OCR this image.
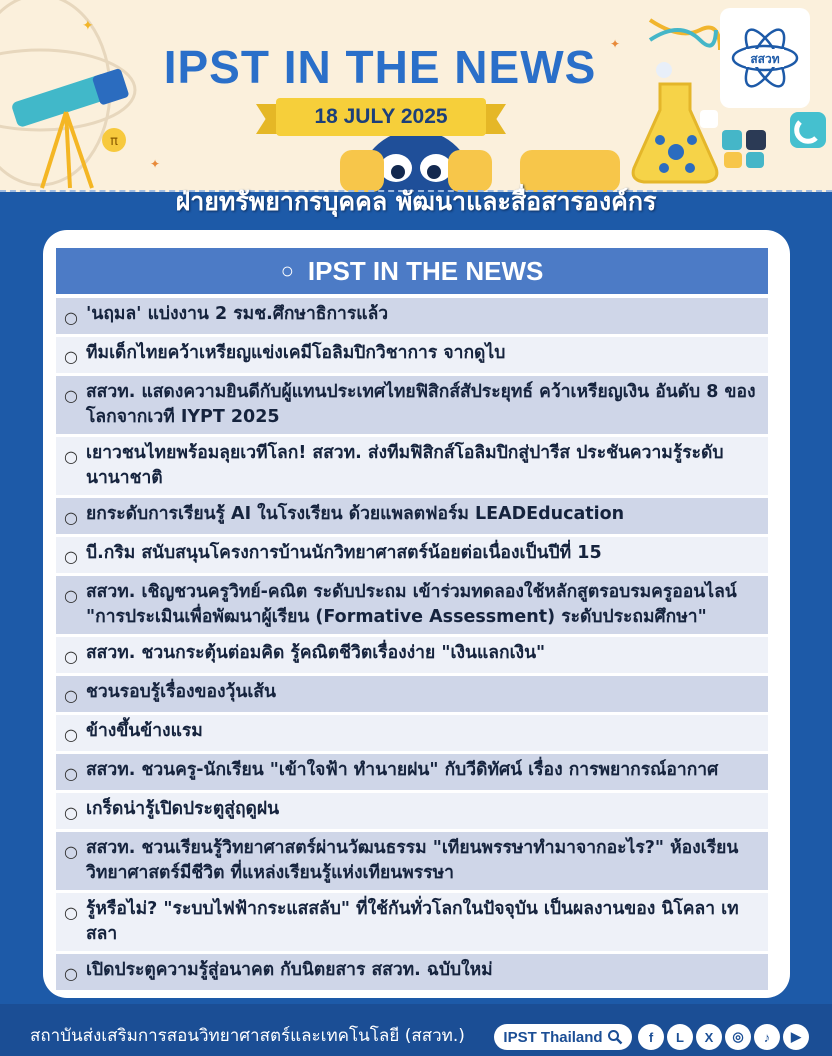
π
✦
✦
✦
IPST IN THE NEWS
18 JULY 2025
สสวท
ฝ่ายทรัพยากรบุคคล พัฒนาและสื่อสารองค์กร
○ IPST IN THE NEWS
○ 'นฤมล' แบ่งงาน 2 รมช.ศึกษาธิการแล้ว
○ ทีมเด็กไทยคว้าเหรียญแข่งเคมีโอลิมปิกวิชาการ จากดูไบ
○ สสวท. แสดงความยินดีกับผู้แทนประเทศไทยฟิสิกส์สัประยุทธ์ คว้าเหรียญเงิน อันดับ 8 ของโลกจากเวที IYPT 2025
○ เยาวชนไทยพร้อมลุยเวทีโลก! สสวท. ส่งทีมฟิสิกส์โอลิมปิกสู่ปารีส ประชันความรู้ระดับนานาชาติ
○ ยกระดับการเรียนรู้ AI ในโรงเรียน ด้วยแพลตฟอร์ม LEADEducation
○ บี.กริม สนับสนุนโครงการบ้านนักวิทยาศาสตร์น้อยต่อเนื่องเป็นปีที่ 15
○ สสวท. เชิญชวนครูวิทย์-คณิต ระดับประถม เข้าร่วมทดลองใช้หลักสูตรอบรมครูออนไลน์ "การประเมินเพื่อพัฒนาผู้เรียน (Formative Assessment) ระดับประถมศึกษา"
○ สสวท. ชวนกระตุ้นต่อมคิด รู้คณิตชีวิตเรื่องง่าย "เงินแลกเงิน"
○ ชวนรอบรู้เรื่องของวุ้นเส้น
○ ข้างขึ้นข้างแรม
○ สสวท. ชวนครู-นักเรียน "เข้าใจฟ้า ทำนายฝน" กับวีดิทัศน์ เรื่อง การพยากรณ์อากาศ
○ เกร็ดน่ารู้เปิดประตูสู่ฤดูฝน
○ สสวท. ชวนเรียนรู้วิทยาศาสตร์ผ่านวัฒนธรรม "เทียนพรรษาทำมาจากอะไร?" ห้องเรียนวิทยาศาสตร์มีชีวิต ที่แหล่งเรียนรู้แห่งเทียนพรรษา
○ รู้หรือไม่? "ระบบไฟฟ้ากระแสสลับ" ที่ใช้กันทั่วโลกในปัจจุบัน เป็นผลงานของ นิโคลา เทสลา
○ เปิดประตูความรู้สู่อนาคต กับนิตยสาร สสวท. ฉบับใหม่
สถาบันส่งเสริมการสอนวิทยาศาสตร์และเทคโนโลยี (สสวท.)	IPST Thailand	f	L	X	◎	♪	▶
